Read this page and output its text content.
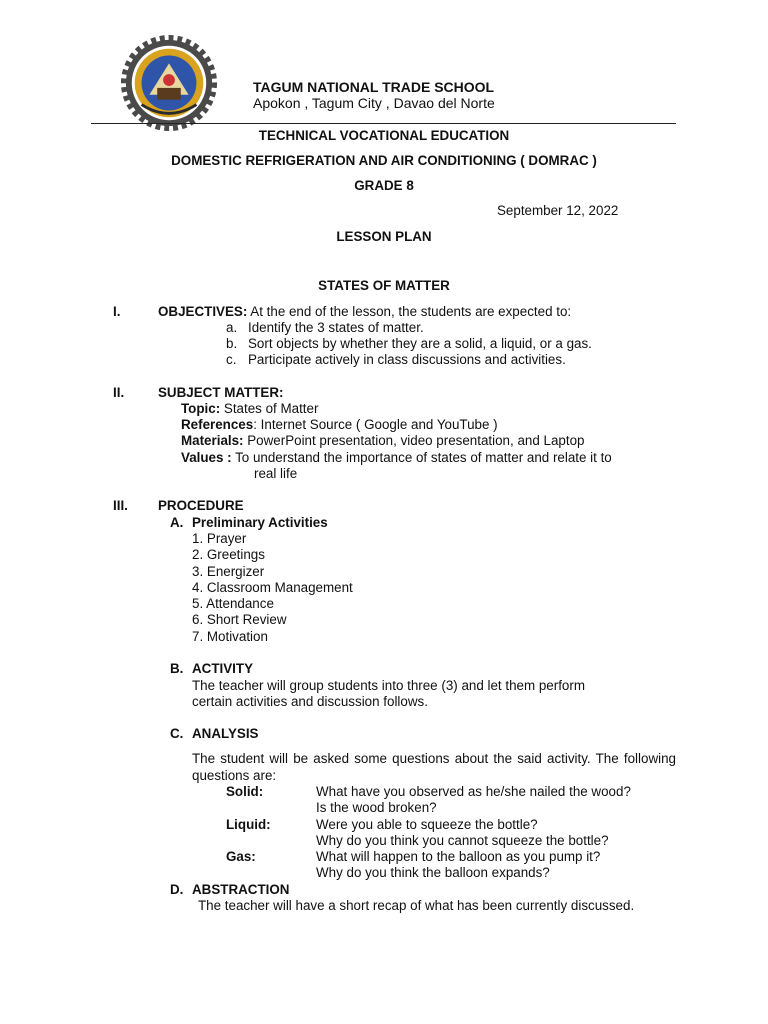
TAGUM NATIONAL TRADE SCHOOL
Apokon , Tagum City , Davao del Norte
TECHNICAL VOCATIONAL EDUCATION
DOMESTIC REFRIGERATION AND AIR CONDITIONING ( DOMRAC )
GRADE 8
September 12, 2022
LESSON PLAN
STATES OF MATTER
I.	OBJECTIVES: At the end of the lesson, the students are expected to:
a. Identify the 3 states of matter.
b. Sort objects by whether they are a solid, a liquid, or a gas.
c. Participate actively in class discussions and activities.
II.	SUBJECT MATTER:
Topic: States of Matter
References: Internet Source ( Google and YouTube )
Materials: PowerPoint presentation, video presentation, and Laptop
Values : To understand the importance of states of matter and relate it to
real life
III. PROCEDURE
A. Preliminary Activities
1. Prayer
2. Greetings
3. Energizer
4. Classroom Management
5. Attendance
6. Short Review
7. Motivation
B. ACTIVITY
The teacher will group students into three (3) and let them perform
certain activities and discussion follows.
C. ANALYSIS
The student will be asked some questions about the said activity. The following questions are:
Solid:	What have you observed as he/she nailed the wood?
Is the wood broken?
Liquid:	Were you able to squeeze the bottle?
Why do you think you cannot squeeze the bottle?
Gas:	What will happen to the balloon as you pump it?
Why do you think the balloon expands?
D. ABSTRACTION
The teacher will have a short recap of what has been currently discussed.
